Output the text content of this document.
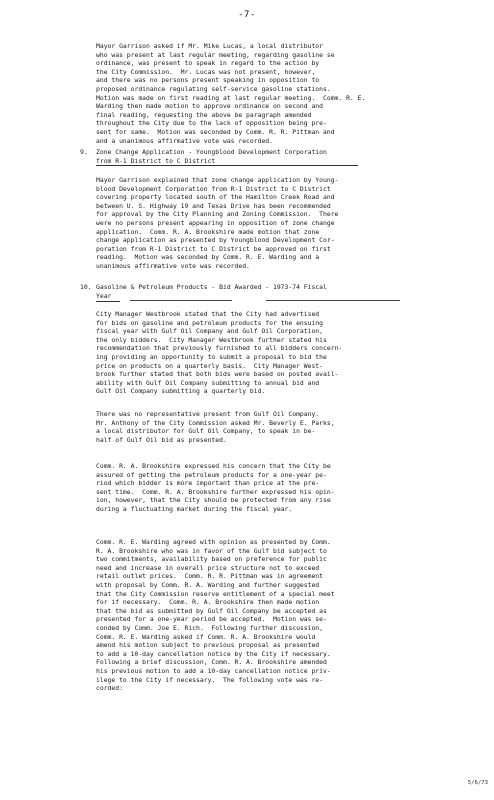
-7-

Mayor Garrison asked if Mr. Mike Lucas, a local distributor
who was present at last regular meeting, regarding gasoline se
ordinance, was present to speak in regard to the action by
the City Commission.  Mr. Lucas was not present, however,
and there was no persons present speaking in opposition to
proposed ordinance regulating self-service gasoline stations.
Motion was made on first reading at last regular meeting.  Comm. R. E.
Warding then made motion to approve ordinance on second and
final reading, requesting the above be paragraph amended
throughout the City due to the lack of opposition being pre-
sent for same.  Motion was seconded by Comm. R. R. Pittman and
and a unanimous affirmative vote was recorded.

9. Zone Change Application - Youngblood Development Corporation
from R-1 District to C District

Mayor Garrison explained that zone change application by Young-
blood Development Corporation from R-1 District to C District
covering property located south of the Hamilton Creek Road and
between U. S. Highway 19 and Texas Drive has been recommended
for approval by the City Planning and Zoning Commission.  There
were no persons present appearing in opposition of zone change
application.  Comm. R. A. Brookshire made motion that zone
change application as presented by Youngblood Development Cor-
poration from R-1 District to C District be approved on first
reading.  Motion was seconded by Comm. R. E. Warding and a
unanimous affirmative vote was recorded.

10. Gasoline & Petroleum Products - Bid Awarded - 1973-74 Fiscal
Year

City Manager Westbrook stated that the City had advertised
for bids on gasoline and petroleum products for the ensuing
fiscal year with Gulf Oil Company and Gulf Oil Corporation,
the only bidders.  City Manager Westbrook further stated his
recommendation that previously furnished to all bidders concern-
ing providing an opportunity to submit a proposal to bid the
price on products on a quarterly basis.  City Manager West-
brook further stated that both bids were based on posted avail-
ability with Gulf Oil Company submitting to annual bid and
Gulf Oil Company submitting a quarterly bid.

There was no representative present from Gulf Oil Company.
Mr. Anthony of the City Commission asked Mr. Beverly E. Parks,
a local distributor for Gulf Oil Company, to speak in be-
half of Gulf Oil bid as presented.

Comm. R. A. Brookshire expressed his concern that the City be
assured of getting the petroleum products for a one-year pe-
riod which bidder is more important than price at the pre-
sent time.  Comm. R. A. Brookshire further expressed his opin-
ion, however, that the City should be protected from any rise
during a fluctuating market during the fiscal year.

Comm. R. E. Warding agreed with opinion as presented by Comm.
R. A. Brookshire who was in favor of the Gulf bid subject to
two commitments, availability based on preference for public
need and increase in overall price structure not to exceed
retail outlet prices.  Comm. R. R. Pittman was in agreement
with proposal by Comm. R. A. Warding and further suggested
that the City Commission reserve entitlement of a special meet
for if necessary.  Comm. R. A. Brookshire then made motion
that the bid as submitted by Gulf Oil Company be accepted as
presented for a one-year period be accepted.  Motion was se-
conded by Comm. Joe E. Rich.  Following further discussion,
Comm. R. E. Warding asked if Comm. R. A. Brookshire would
amend his motion subject to previous proposal as presented
to add a 10-day cancellation notice by the City if necessary.
Following a brief discussion, Comm. R. A. Brookshire amended
his previous motion to add a 10-day cancellation notice priv-
ilege to the City if necessary.  The following vote was re-
corded:

5/6/73
